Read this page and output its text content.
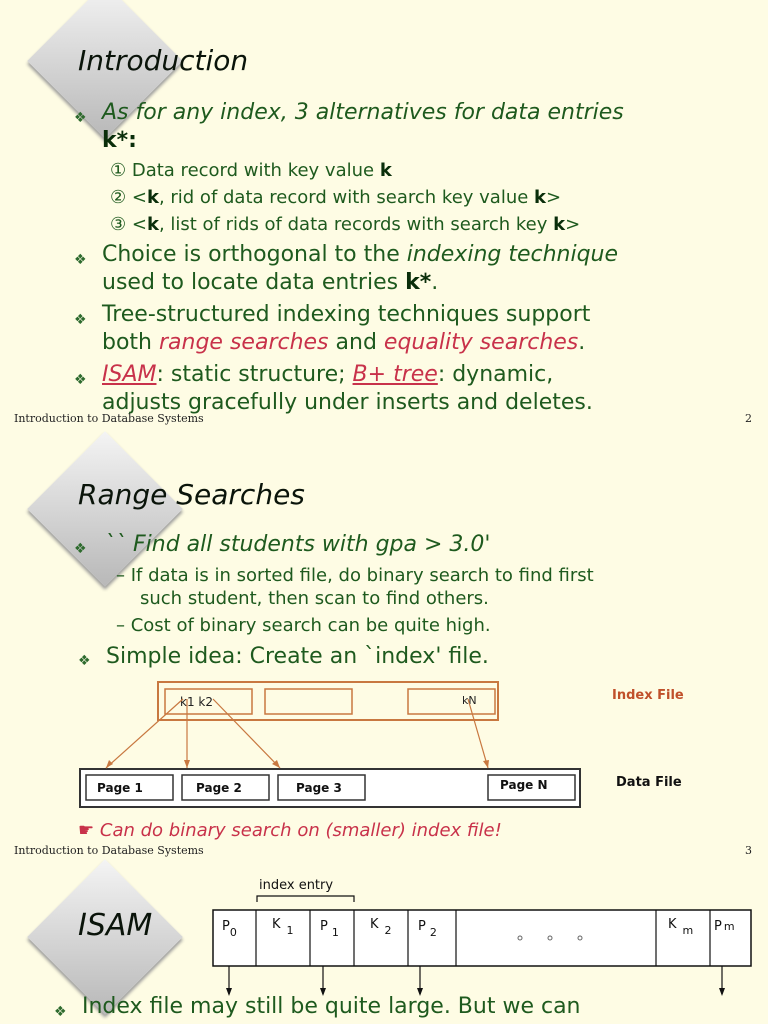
Introduction
❖ As for any index, 3 alternatives for data entries
k*:
① Data record with key value k
② <k, rid of data record with search key value k>
③ <k, list of rids of data records with search key k>
❖ Choice is orthogonal to the indexing technique
used to locate data entries k*.
❖ Tree-structured indexing techniques support
both range searches and equality searches.
❖ ISAM: static structure; B+ tree: dynamic,
adjusts gracefully under inserts and deletes.
Introduction to Database Systems	2
Range Searches
❖ `` Find all students with gpa > 3.0'
– If data is in sorted file, do binary search to find first
such student, then scan to find others.
– Cost of binary search can be quite high.
❖ Simple idea: Create an `index' file.
k1 k2	kN	Index File
Page 1	Page 2	Page 3	Page N	Data File
☛ Can do binary search on (smaller) index file!
Introduction to Database Systems	3
ISAM
index entry
$P_0$
K $_1$ P $_1$
K $_2$ P $_2$
K $_m$ P m
❖ Index file may still be quite large. But we can
